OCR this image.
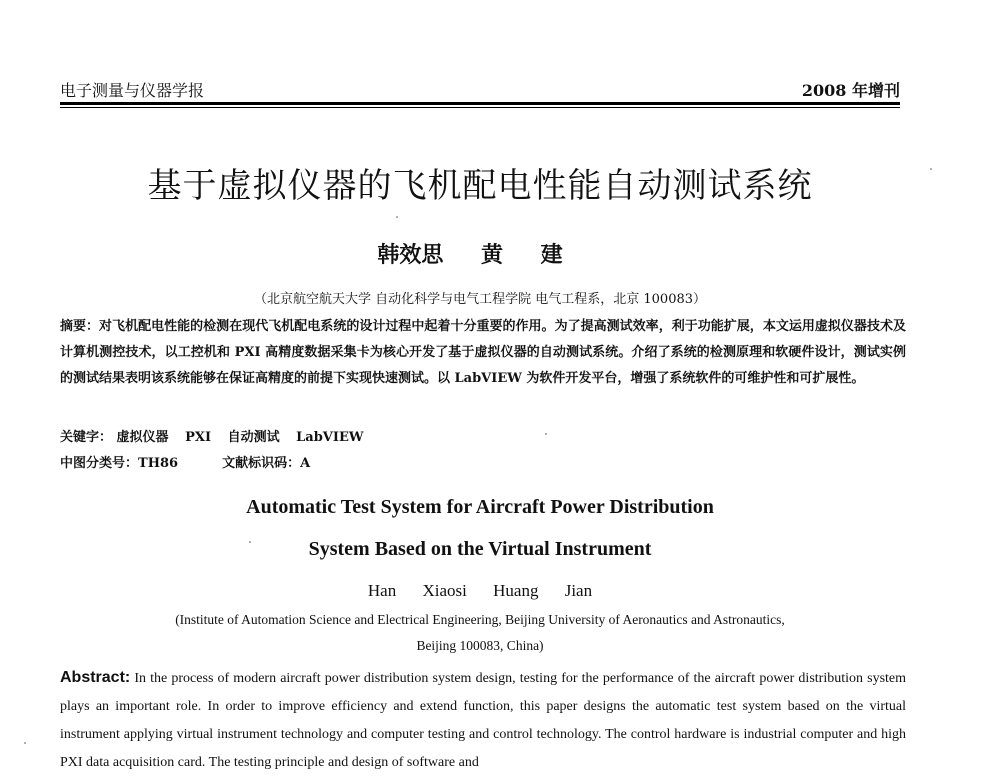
电子测量与仪器学报	2008 年增刊
基于虚拟仪器的飞机配电性能自动测试系统
韩效思 黄 建
（北京航空航天大学 自动化科学与电气工程学院 电气工程系，北京 100083）
摘要：对飞机配电性能的检测在现代飞机配电系统的设计过程中起着十分重要的作用。为了提高测试效率，利于功能扩展，本文运用虚拟仪器技术及计算机测控技术，以工控机和 PXI 高精度数据采集卡为核心开发了基于虚拟仪器的自动测试系统。介绍了系统的检测原理和软硬件设计，测试实例的测试结果表明该系统能够在保证高精度的前提下实现快速测试。以 LabVIEW 为软件开发平台，增强了系统软件的可维护性和可扩展性。
关键字： 虚拟仪器 PXI 自动测试 LabVIEW
中图分类号：TH86	文献标识码：A
Automatic Test System for Aircraft Power Distribution
System Based on the Virtual Instrument
Han Xiaosi Huang Jian
(Institute of Automation Science and Electrical Engineering, Beijing University of Aeronautics and Astronautics,
Beijing 100083, China)
Abstract: In the process of modern aircraft power distribution system design, testing for the performance of the aircraft power distribution system plays an important role. In order to improve efficiency and extend function, this paper designs the automatic test system based on the virtual instrument applying virtual instrument technology and computer testing and control technology. The control hardware is industrial computer and high PXI data acquisition card. The testing principle and design of software and
